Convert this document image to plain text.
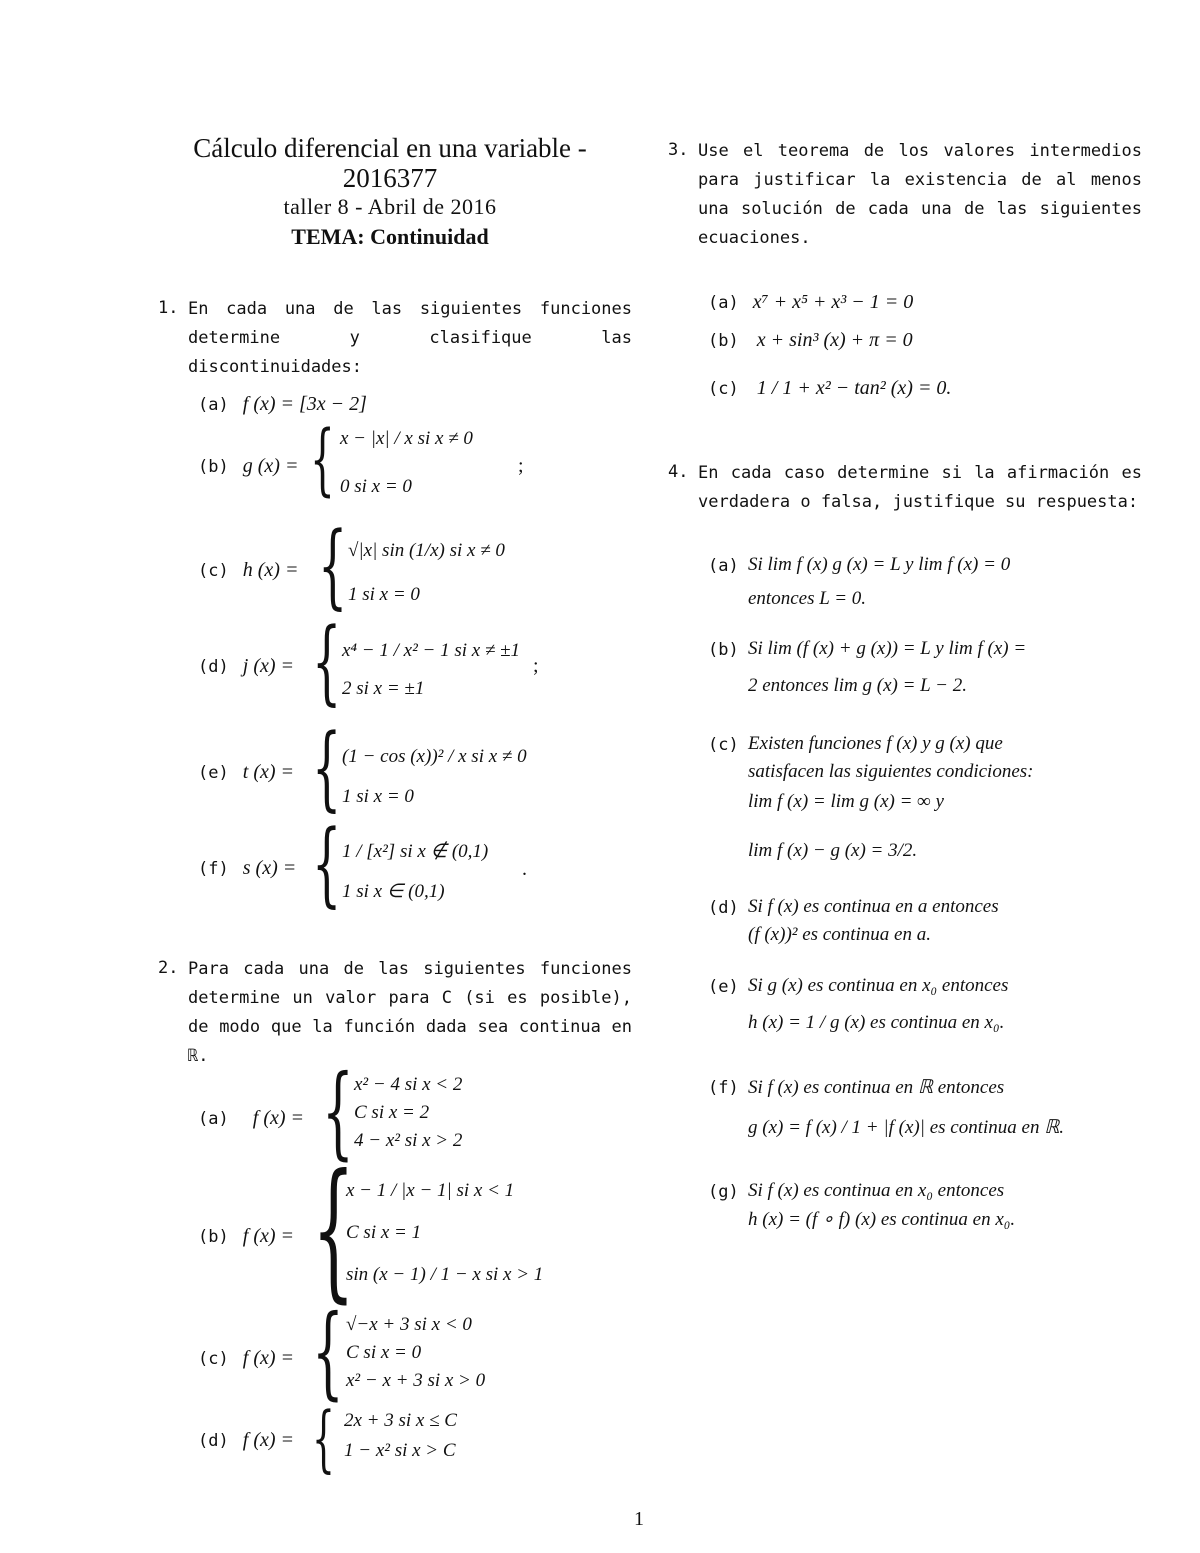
Cálculo diferencial en una variable -
2016377
taller 8 - Abril de 2016
TEMA: Continuidad
1. En cada una de las siguientes funciones determine y clasifique las discontinuidades:
(a) f (x) = [3x − 2]
(b) g (x) = { x − |x| / x si x ≠ 0
0 si x = 0
;
(c) h (x) = { √|x| sin (1/x) si x ≠ 0
1 si x = 0
(d) j (x) = { x⁴ − 1 / x² − 1 si x ≠ ±1
2 si x = ±1
;
(e) t (x) = { (1 − cos (x))² / x si x ≠ 0
1 si x = 0
(f) s (x) = { 1 / [x²] si x ∉ (0,1)
1 si x ∈ (0,1)
.
2. Para cada una de las siguientes funciones determine un valor para C (si es posible), de modo que la función dada sea continua en ℝ.
(a) f (x) = { x² − 4 si x < 2
C si x = 2
4 − x² si x > 2
(b) f (x) = {
x − 1 / |x − 1| si x < 1
C si x = 1
sin (x − 1) / 1 − x si x > 1
(c) f (x) = { √−x + 3 si x < 0
C si x = 0
x² − x + 3 si x > 0
(d) f (x) = { 2x + 3 si x ≤ C
1 − x² si x > C
3. Use el teorema de los valores intermedios para justificar la existencia de al menos una solución de cada una de las siguientes ecuaciones.
(a) x⁷ + x⁵ + x³ − 1 = 0
(b) x + sin³ (x) + π = 0
(c) 1 / 1 + x² − tan² (x) = 0.
4. En cada caso determine si la afirmación es verdadera o falsa, justifique su respuesta:
(a) Si lim f (x) g (x) = L y lim f (x) = 0
entonces L = 0.
(b) Si lim (f (x) + g (x)) = L y lim f (x) =
2 entonces lim g (x) = L − 2.
(c) Existen funciones f (x) y g (x) que
satisfacen las siguientes condiciones:
lim f (x) = lim g (x) = ∞ y
lim f (x) − g (x) = 3/2.
(d) Si f (x) es continua en a entonces
(f (x))² es continua en a.
(e) Si g (x) es continua en x₀ entonces
h (x) = 1 / g (x) es continua en x₀.
(f) Si f (x) es continua en ℝ entonces
g (x) = f (x) / 1 + |f (x)| es continua en ℝ.
(g) Si f (x) es continua en x₀ entonces
h (x) = (f ∘ f) (x) es continua en x₀.
1
